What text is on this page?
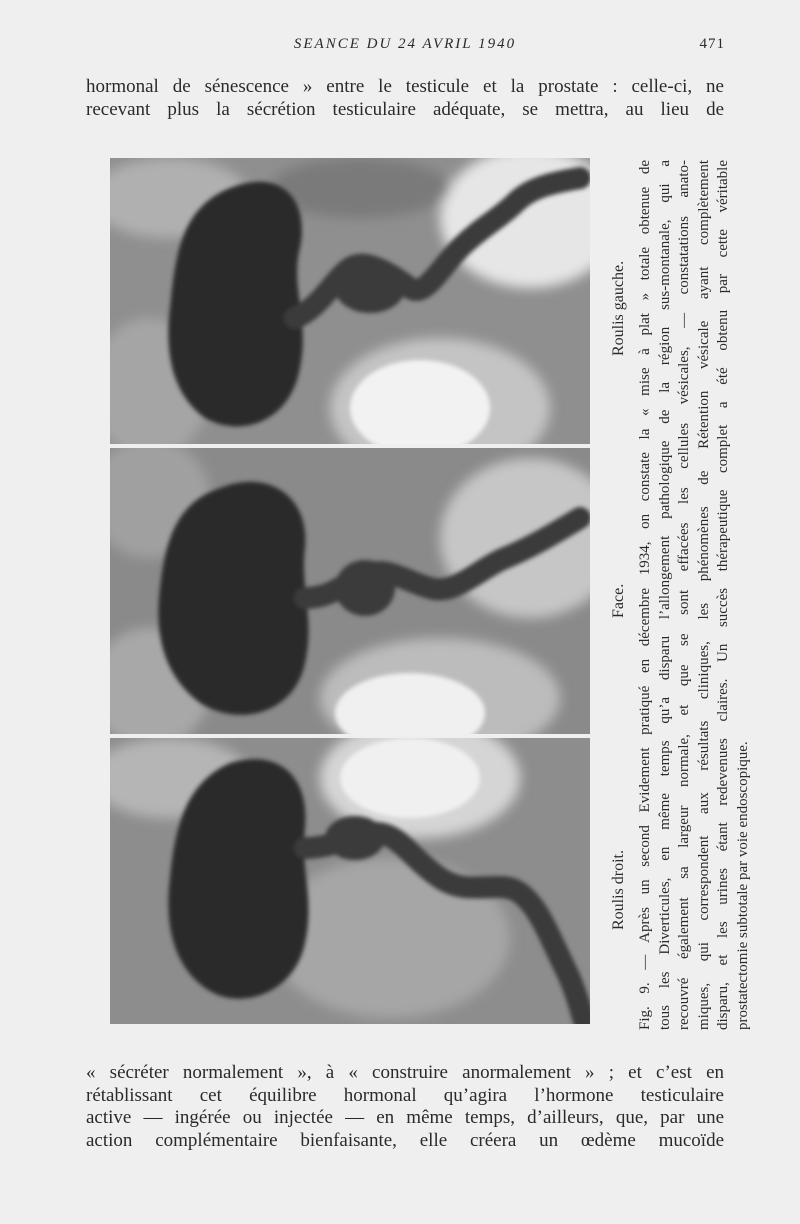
SEANCE DU 24 AVRIL 1940	471
hormonal de sénescence » entre le testicule et la prostate : celle-ci, ne
recevant plus la sécrétion testiculaire adéquate, se mettra, au lieu de
Roulis gauche.
Face.
Roulis droit. Fig. 9. — Après un second Evidement pratiqué en décembre 1934, on constate la « mise à plat » totale obtenue de tous les Diverticules, en même temps qu’a disparu l’allongement pathologique de la région sus-montanale, qui a recouvré également sa largeur normale, et que se sont effacées les cellules vésicales, — constatations anato- miques, qui correspondent aux résultats cliniques, les phénomènes de Rétention vésicale ayant complètement disparu, et les urines étant redevenues claires. Un succès thérapeutique complet a été obtenu par cette véritable prostatectomie subtotale par voie endoscopique.
« sécréter normalement », à « construire anormalement » ; et c’est en
rétablissant cet équilibre hormonal qu’agira l’hormone testiculaire
active — ingérée ou injectée — en même temps, d’ailleurs, que, par une
action complémentaire bienfaisante, elle créera un œdème mucoïde
